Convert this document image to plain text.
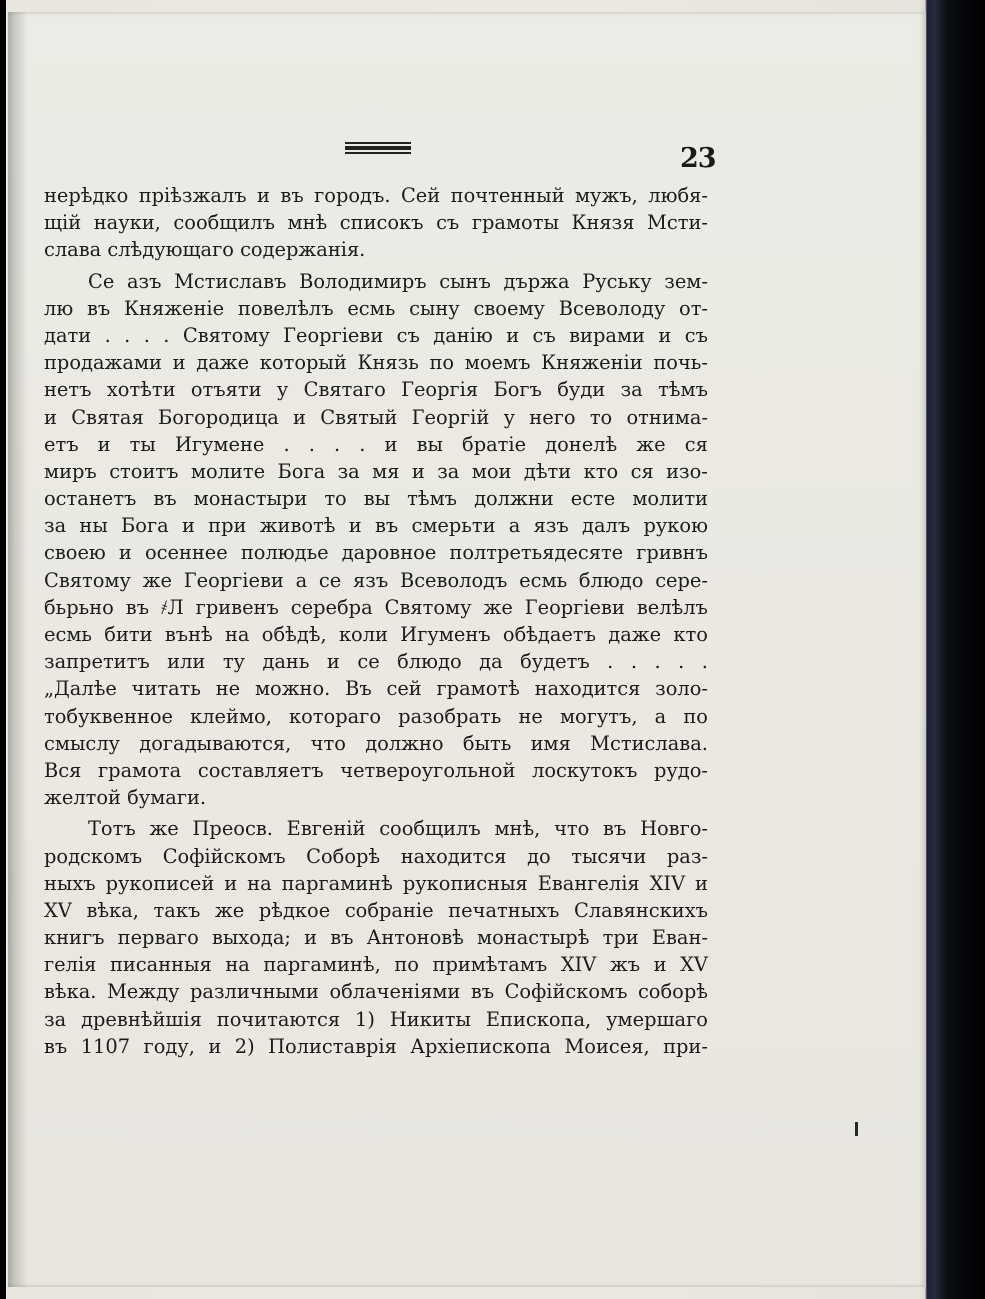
23
нерѣдко пріѣзжалъ и въ городъ. Сей почтенный мужъ, любя-
щій науки, сообщилъ мнѣ списокъ съ грамоты Князя Мсти-
слава слѣдующаго содержанія.
Се азъ Мстиславъ Володимиръ сынъ държа Руську зем-
лю въ Княженіе повелѣлъ есмь сыну своему Всеволоду от-
дати . . . . Святому Георгіеви съ данію и съ вирами и съ
продажами и даже который Князь по моемъ Княженіи почь-
нетъ хотѣти отъяти у Святаго Георгія Богъ буди за тѣмъ
и Святая Богородица и Святый Георгій у него то отнима-
етъ и ты Игумене . . . . и вы братіе донелѣ же ся
миръ стоитъ молите Бога за мя и за мои дѣти кто ся изо-
останетъ въ монастыри то вы тѣмъ должни есте молити
за ны Бога и при животѣ и въ смерьти а язъ далъ рукою
своею и осеннее полюдье даровное полтретьядесяте гривнъ
Святому же Георгіеви а се язъ Всеволодъ есмь блюдо сере-
бьрьно въ ҂Л гривенъ серебра Святому же Георгіеви велѣлъ
есмь бити вънѣ на обѣдѣ, коли Игуменъ обѣдаетъ даже кто
запретитъ или ту дань и се блюдо да будетъ . . . . .
„Далѣе читать не можно. Въ сей грамотѣ находится золо-
тобуквенное клеймо, котораго разобрать не могутъ, а по
смыслу догадываются, что должно быть имя Мстислава.
Вся грамота составляетъ четвероугольной лоскутокъ рудо-
желтой бумаги.
Тотъ же Преосв. Евгеній сообщилъ мнѣ, что въ Новго-
родскомъ Софійскомъ Соборѣ находится до тысячи раз-
ныхъ рукописей и на паргаминѣ рукописныя Евангелія XIV и
XV вѣка, такъ же рѣдкое собраніе печатныхъ Славянскихъ
книгъ перваго выхода; и въ Антоновѣ монастырѣ три Еван-
гелія писанныя на паргаминѣ, по примѣтамъ XIV жъ и XV
вѣка. Между различными облаченіями въ Софійскомъ соборѣ
за древнѣйшія почитаются 1) Никиты Епископа, умершаго
въ 1107 году, и 2) Полиставрія Архіепископа Моисея, при-
